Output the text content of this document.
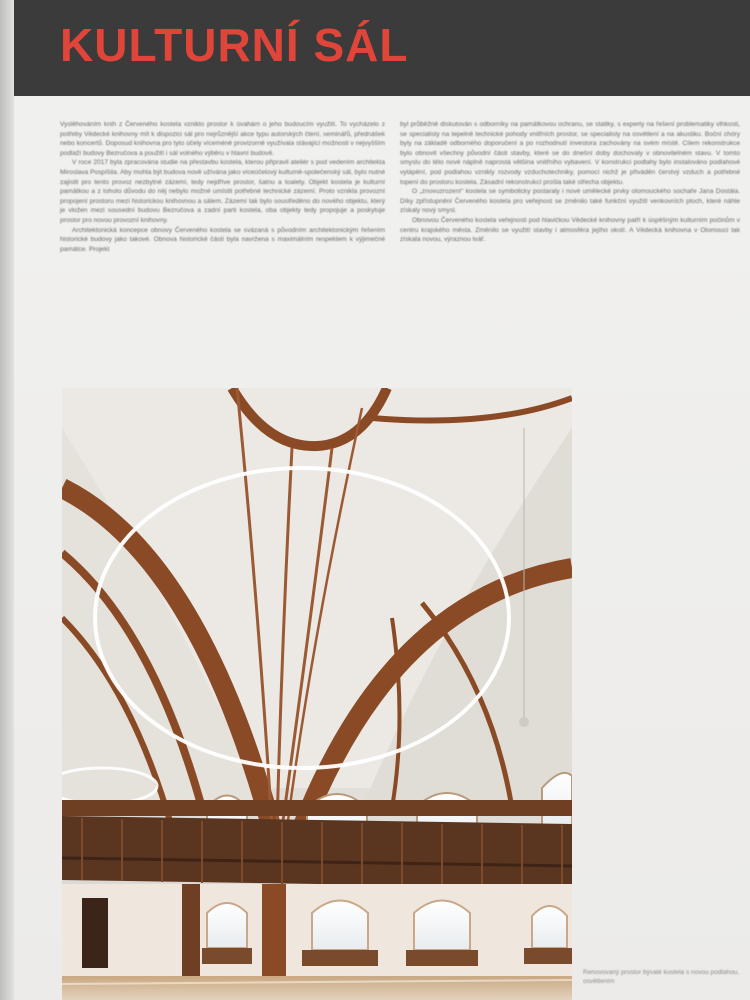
KULTURNÍ SÁL

Vyslěhováním knih z Červeného kostela vzniklo prostor k úvahám o jeho budoucím využití. To vycházelo z potřeby Vědecké knihovny mít k dispozici sál pro nejrůznější akce typu autorských čtení, seminářů, přednášek nebo koncertů. Doposud knihovna pro tyto účely víceméně provizorně využívala stávající možnosti v nejvyšším podlaží budovy Bezručova a použití i sál volného výběru v hlavní budově.

V roce 2017 byla zpracována studie na přestavbu kostela, kterou připravil ateliér s pod vedením architekta Miroslava Pospíšila. Aby mohla být budova nově užívána jako víceúčelový kulturně-společenský sál, bylo nutné zajistit pro tento provoz nezbytné zázemí, tedy nejdříve prostor, šatnu a toalety. Objekt kostela je kulturní památkou a z tohoto důvodu do něj nebylo možné umístit potřebné technické zázemí. Proto vznikla provozní propojení prostoru mezi historickou knihovnou a sálem. Zázemí tak bylo soustředěno do nového objektu, který je vložen mezi sousední budovu Bezručova a zadní parti kostela, oba objekty tedy propojuje a poskytuje prostor pro novou provozní knihovny.

Architektonická koncepce obnovy Červeného kostela se svázaná s původním architektonickým řešením historické budovy jako takové. Obnova historické části byla navržena s maximálním respektem k výjimečné památce. Projekt

byl průběžně diskutován s odborníky na památkovou ochranu, se statiky, s experty na řešení problematiky vlhkosti, se specialisty na tepelně technické pohody vnitřních prostor, se specialisty na osvětlení a na akustiku. Boční chóry byly na základě odborného doporučení a po rozhodnutí investora zachovány na svém místě. Cílem rekonstrukce bylo obnovit všechny původní části stavby, které se do dnešní doby dochovaly v obnovitelném stavu. V tomto smyslu do této nové náplně naprostá většina vnitřního vybavení. V konstrukci podlahy bylo instalováno podlahové vytápění, pod podlahou vznikly rozvody vzduchotechniky, pomocí nichž je přiváděn čerstvý vzduch a potřebné topení do prostoru kostela. Zásadní rekonstrukcí prošla také střecha objektu.

O „znovuzrození“ kostela se symbolicky postaraly i nové umělecké prvky olomouckého sochaře Jana Dostála. Díky zpřístupnění Červeného kostela pro veřejnost se změnilo také funkční využití venkovních ploch, které náhle získaly nový smysl.

Obnovou Červeného kostela veřejnosti pod hlavičkou Vědecké knihovny patří k úspěšným kulturním počinům v centru krajského města. Změnilo se využití stavby i atmosféra jejího okolí. A Vědecká knihovna v Olomouci tak získala novou, výraznou tvář.

Renovovaný prostor bývalé kostela s novou podlahou, osvětlením
